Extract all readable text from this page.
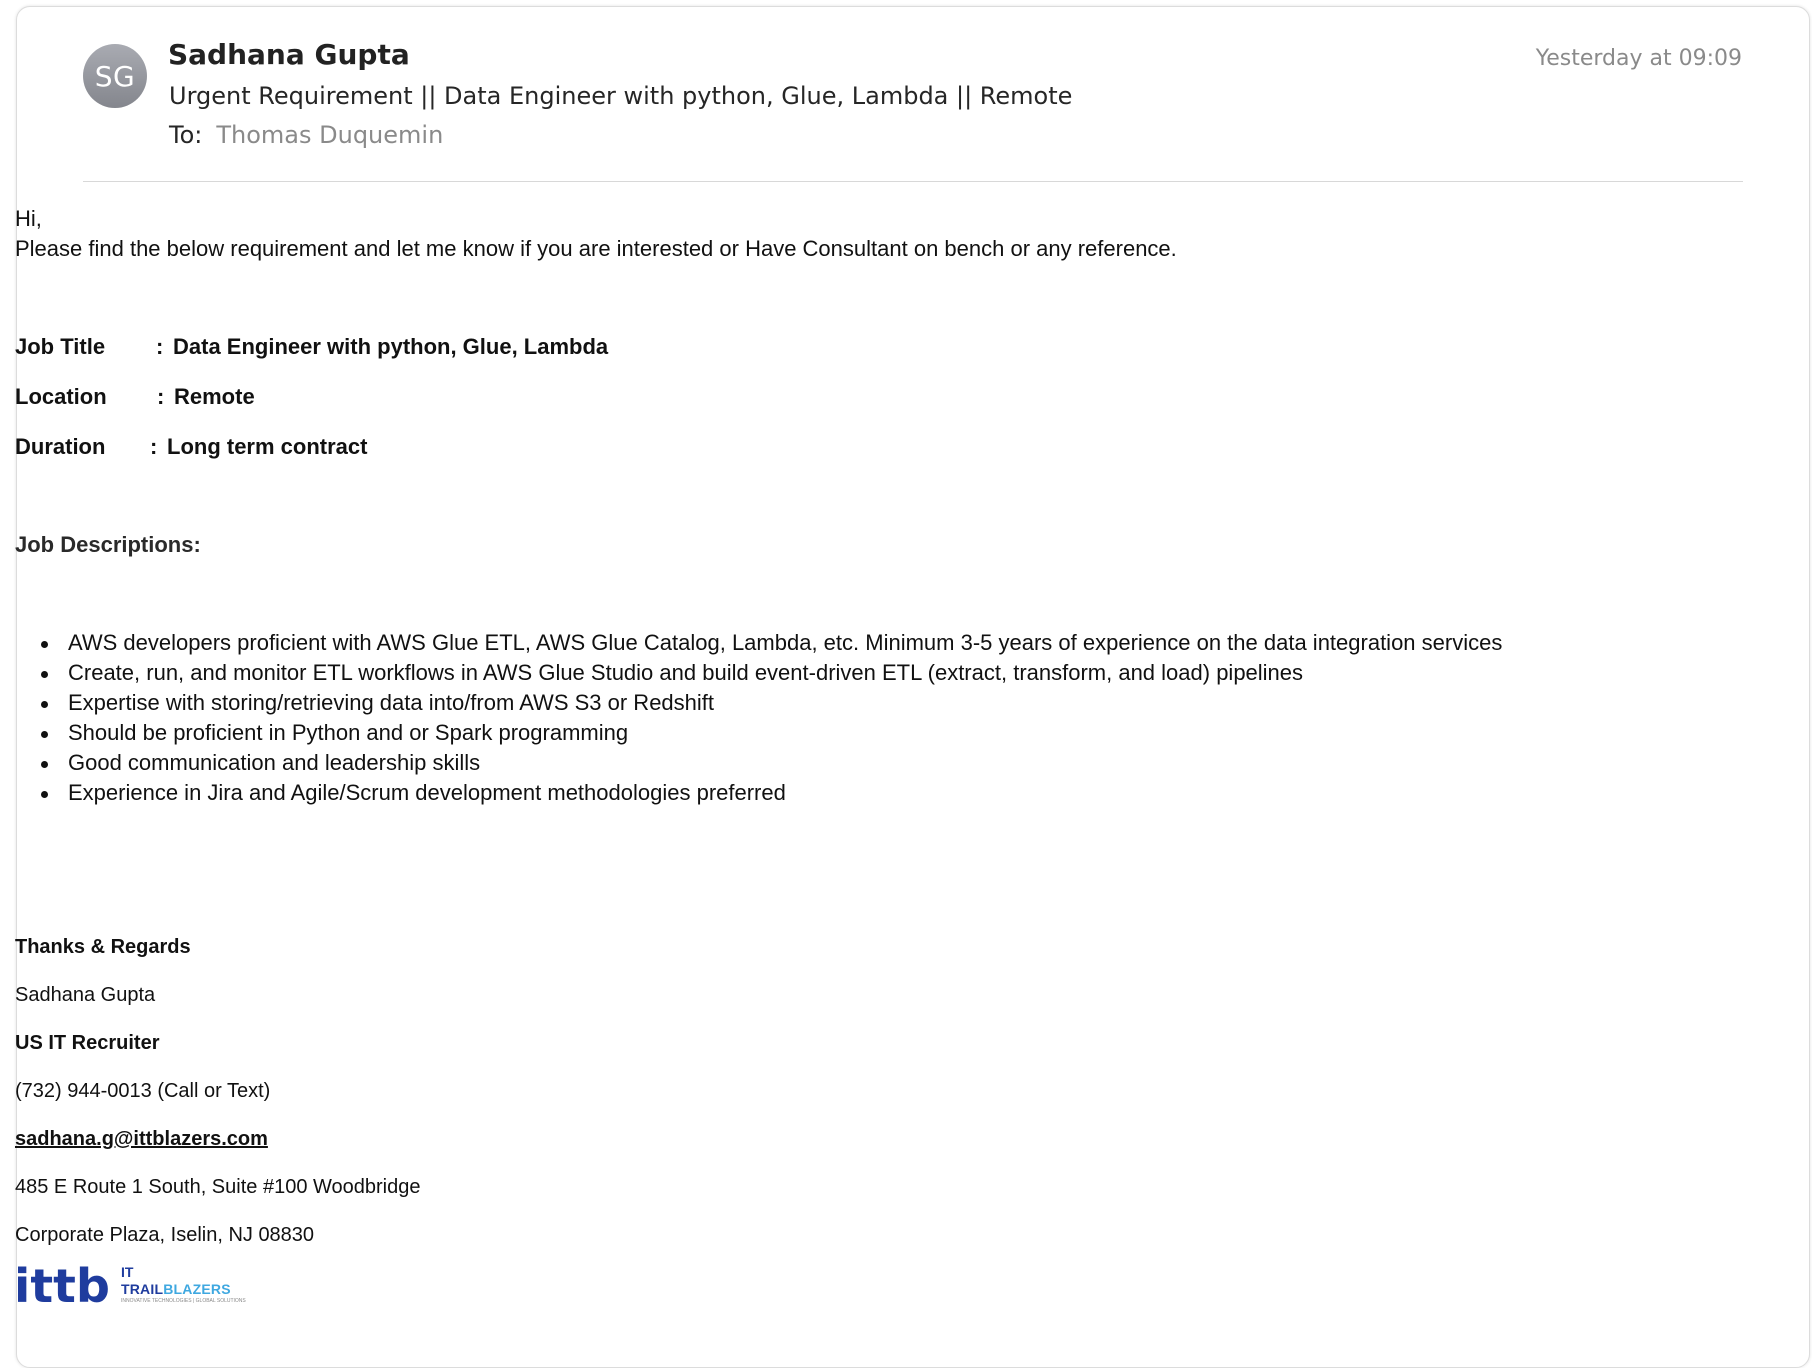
SG
Sadhana Gupta
Urgent Requirement || Data Engineer with python, Glue, Lambda || Remote
To: Thomas Duquemin
Yesterday at 09:09
Hi,
Please find the below requirement and let me know if you are interested or Have Consultant on bench or any reference.
Job Title : Data Engineer with python, Glue, Lambda
Location : Remote
Duration : Long term contract
Job Descriptions:
AWS developers proficient with AWS Glue ETL, AWS Glue Catalog, Lambda, etc. Minimum 3-5 years of experience on the data integration services
Create, run, and monitor ETL workflows in AWS Glue Studio and build event-driven ETL (extract, transform, and load) pipelines
Expertise with storing/retrieving data into/from AWS S3 or Redshift
Should be proficient in Python and or Spark programming
Good communication and leadership skills
Experience in Jira and Agile/Scrum development methodologies preferred
Thanks & Regards
Sadhana Gupta
US IT Recruiter
(732) 944-0013 (Call or Text)
sadhana.g@ittblazers.com
485 E Route 1 South, Suite #100 Woodbridge
Corporate Plaza, Iselin, NJ 08830
ittb IT
TRAILBLAZERS
INNOVATIVE TECHNOLOGIES | GLOBAL SOLUTIONS
